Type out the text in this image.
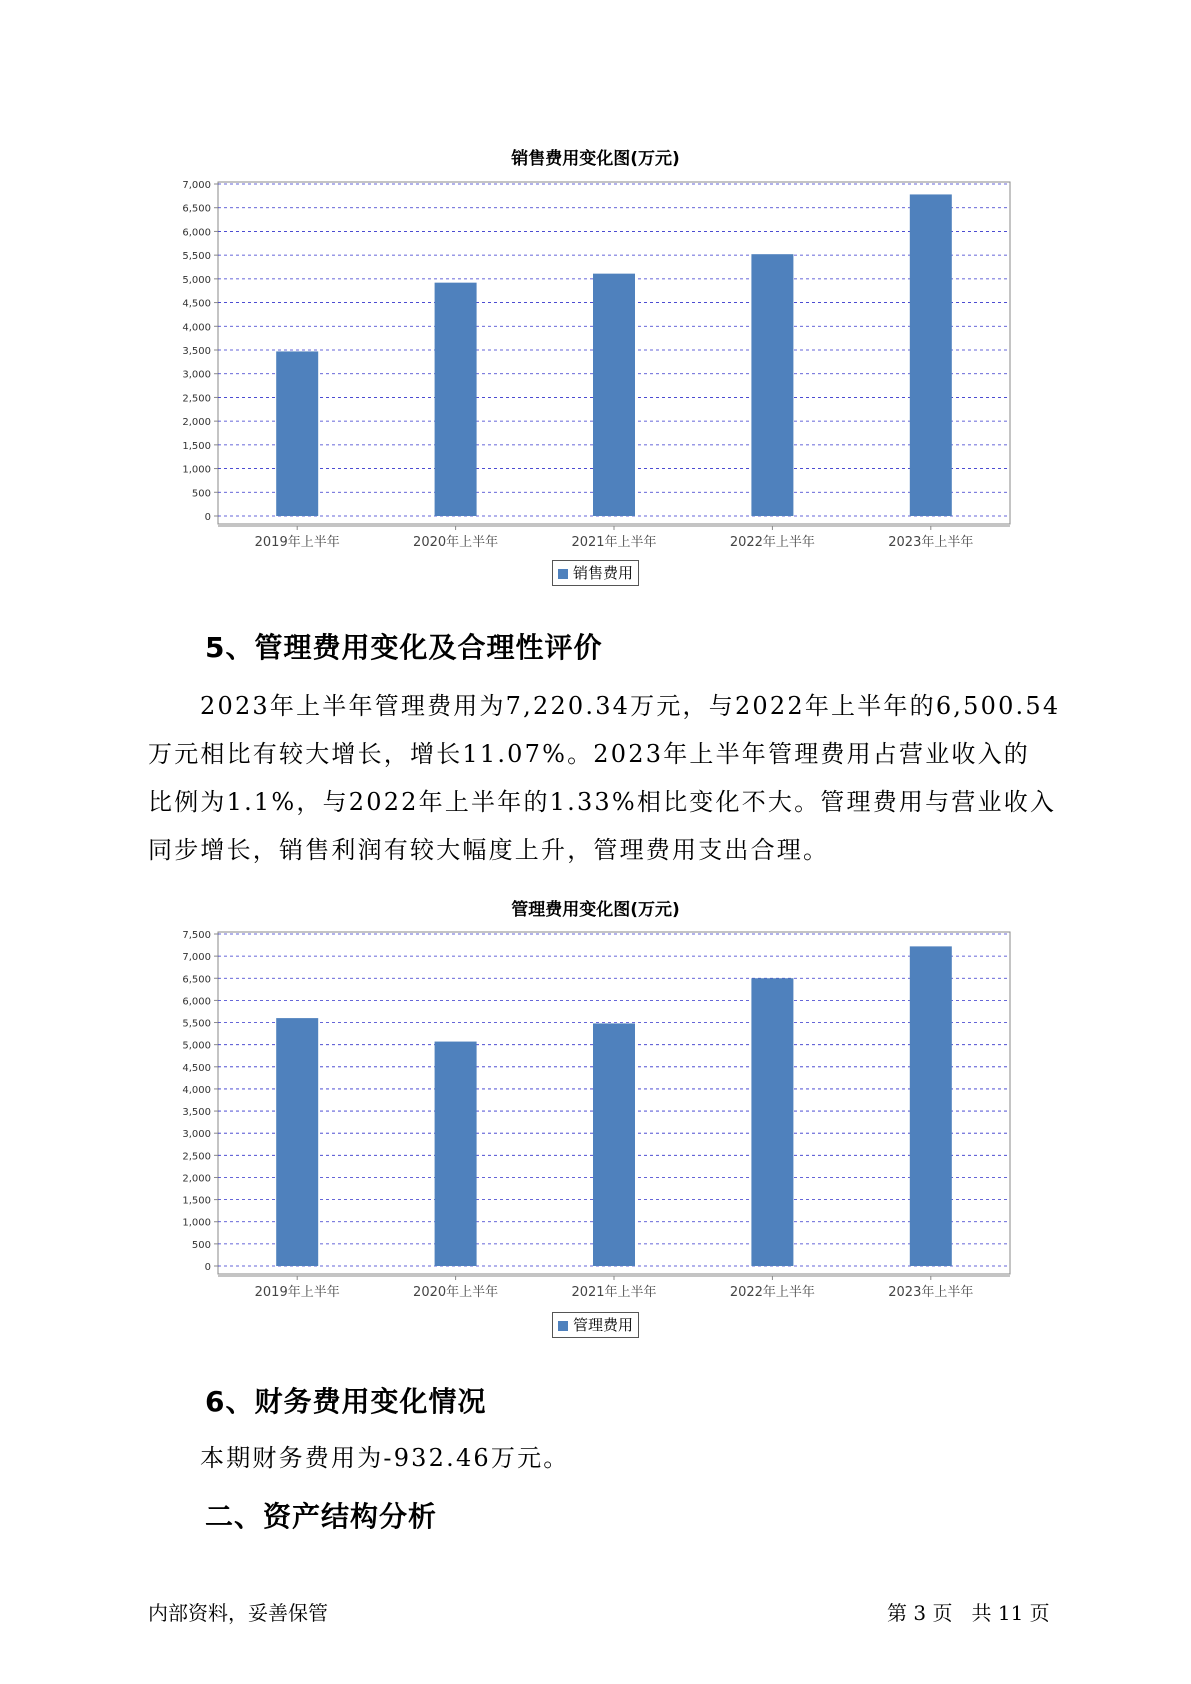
销售费用变化图(万元)
0
500
1,000
1,500
2,000
2,500
3,000
3,500
4,000
4,500
5,000
5,500
6,000
6,500
7,000
2019年上半年	2020年上半年	2021年上半年	2022年上半年	2023年上半年
销售费用
5、管理费用变化及合理性评价
2023年上半年管理费用为7,220.34万元，与2022年上半年的6,500.54
万元相比有较大增长，增长11.07%。2023年上半年管理费用占营业收入的
比例为1.1%，与2022年上半年的1.33%相比变化不大。管理费用与营业收入
同步增长，销售利润有较大幅度上升，管理费用支出合理。
管理费用变化图(万元)
0
500
1,000
1,500
2,000
2,500
3,000
3,500
4,000
4,500
5,000
5,500
6,000
6,500
7,000
7,500
2019年上半年	2020年上半年	2021年上半年	2022年上半年	2023年上半年
管理费用
6、财务费用变化情况
本期财务费用为-932.46万元。
二、资产结构分析
内部资料，妥善保管	第 3 页   共 11 页
